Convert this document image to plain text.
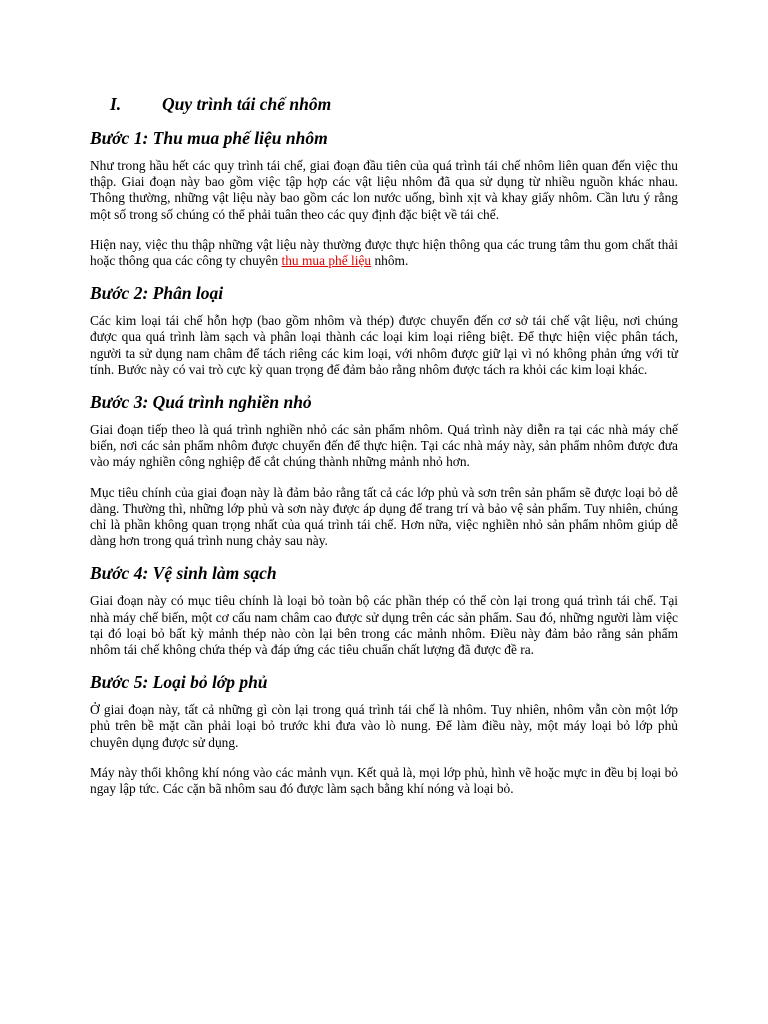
I. Quy trình tái chế nhôm
Bước 1: Thu mua phế liệu nhôm

Như trong hầu hết các quy trình tái chế, giai đoạn đầu tiên của quá trình tái chế nhôm liên quan đến việc thu thập. Giai đoạn này bao gồm việc tập hợp các vật liệu nhôm đã qua sử dụng từ nhiều nguồn khác nhau. Thông thường, những vật liệu này bao gồm các lon nước uống, bình xịt và khay giấy nhôm. Cần lưu ý rằng một số trong số chúng có thể phải tuân theo các quy định đặc biệt về tái chế.

Hiện nay, việc thu thập những vật liệu này thường được thực hiện thông qua các trung tâm thu gom chất thải hoặc thông qua các công ty chuyên thu mua phế liệu nhôm.

Bước 2: Phân loại

Các kim loại tái chế hỗn hợp (bao gồm nhôm và thép) được chuyển đến cơ sở tái chế vật liệu, nơi chúng được qua quá trình làm sạch và phân loại thành các loại kim loại riêng biệt. Để thực hiện việc phân tách, người ta sử dụng nam châm để tách riêng các kim loại, với nhôm được giữ lại vì nó không phản ứng với từ tính. Bước này có vai trò cực kỳ quan trọng để đảm bảo rằng nhôm được tách ra khỏi các kim loại khác.

Bước 3: Quá trình nghiền nhỏ

Giai đoạn tiếp theo là quá trình nghiền nhỏ các sản phẩm nhôm. Quá trình này diễn ra tại các nhà máy chế biến, nơi các sản phẩm nhôm được chuyển đến để thực hiện. Tại các nhà máy này, sản phẩm nhôm được đưa vào máy nghiền công nghiệp để cắt chúng thành những mảnh nhỏ hơn.

Mục tiêu chính của giai đoạn này là đảm bảo rằng tất cả các lớp phủ và sơn trên sản phẩm sẽ được loại bỏ dễ dàng. Thường thì, những lớp phủ và sơn này được áp dụng để trang trí và bảo vệ sản phẩm. Tuy nhiên, chúng chỉ là phần không quan trọng nhất của quá trình tái chế. Hơn nữa, việc nghiền nhỏ sản phẩm nhôm giúp dễ dàng hơn trong quá trình nung chảy sau này.

Bước 4: Vệ sinh làm sạch

Giai đoạn này có mục tiêu chính là loại bỏ toàn bộ các phần thép có thể còn lại trong quá trình tái chế. Tại nhà máy chế biến, một cơ cấu nam châm cao được sử dụng trên các sản phẩm. Sau đó, những người làm việc tại đó loại bỏ bất kỳ mảnh thép nào còn lại bên trong các mảnh nhôm. Điều này đảm bảo rằng sản phẩm nhôm tái chế không chứa thép và đáp ứng các tiêu chuẩn chất lượng đã được đề ra.

Bước 5: Loại bỏ lớp phủ

Ở giai đoạn này, tất cả những gì còn lại trong quá trình tái chế là nhôm. Tuy nhiên, nhôm vẫn còn một lớp phủ trên bề mặt cần phải loại bỏ trước khi đưa vào lò nung. Để làm điều này, một máy loại bỏ lớp phủ chuyên dụng được sử dụng.

Máy này thổi không khí nóng vào các mảnh vụn. Kết quả là, mọi lớp phủ, hình vẽ hoặc mực in đều bị loại bỏ ngay lập tức. Các cặn bã nhôm sau đó được làm sạch bằng khí nóng và loại bỏ.
